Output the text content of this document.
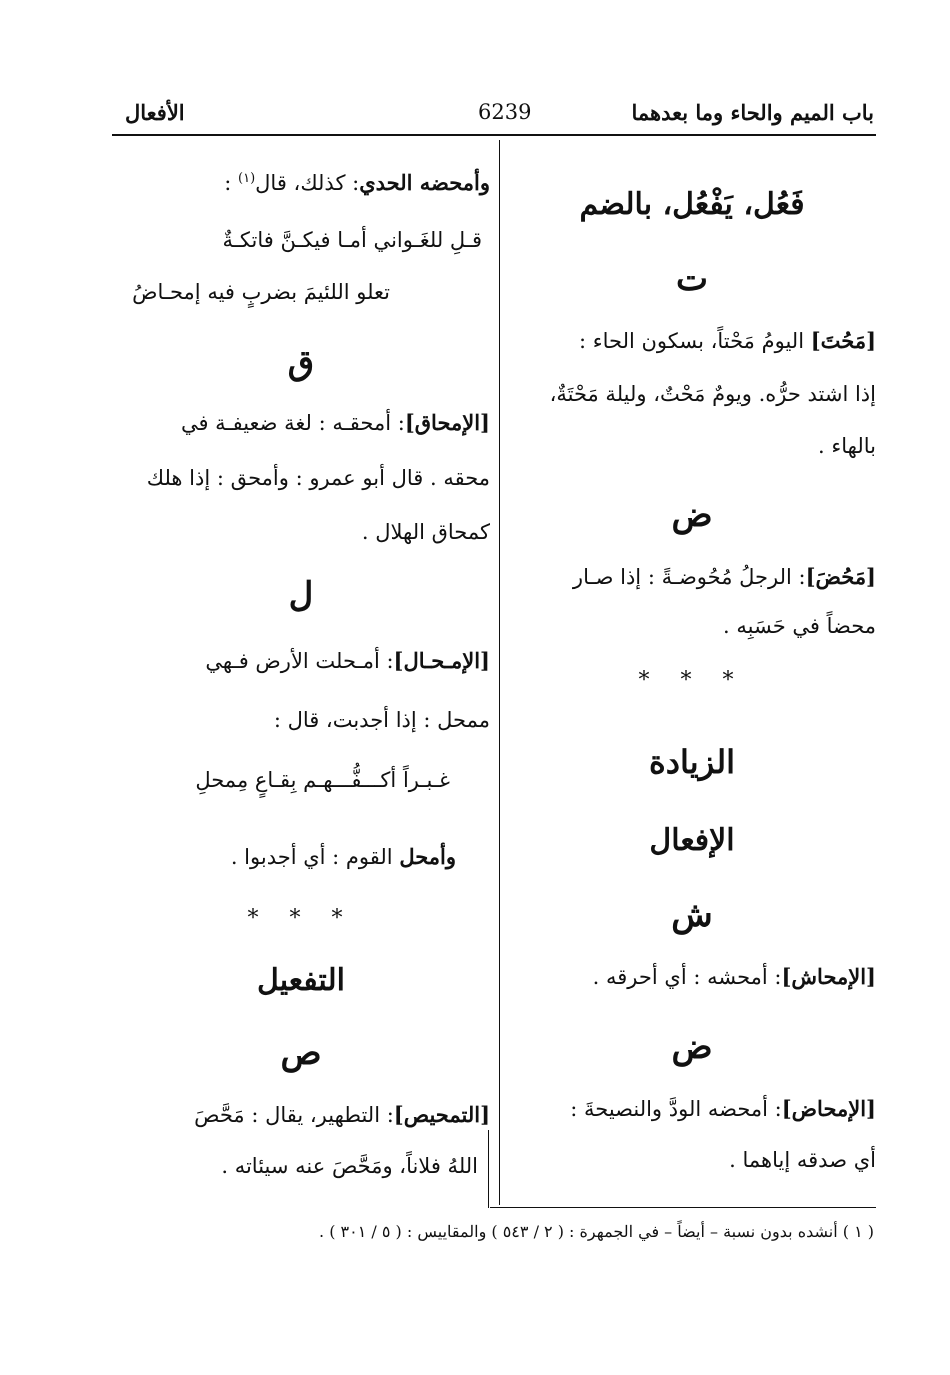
باب الميم والحاء وما بعدهما
6239
الأفعال
فَعُل، يَفْعُل، بالضم
ت
[مَحُتَ] اليومُ مَحْتاً، بسكون الحاء :
إذا اشتد حرُّه. ويومٌ مَحْتٌ، وليلة مَحْتَةٌ،
بالهاء .
ض
[مَحُضَ]: الرجلُ مُحُوضـةً : إذا صـار
محضاً في حَسَبِه .
* * *
الزيادة
الإفعال
ش
[الإمحاش]: أمحشه : أي أحرقه .
ض
[الإمحاض]: أمحضه الودَّ والنصيحةَ :
أي صدقه إياهما .
وأمحضه الحدي: كذلك، قال$^{(١)}$ :
قـلِ للغَـواني أمـا فيكـنَّ فاتكـةٌ
تعلو اللئيمَ بضربٍ فيه إمحـاضُ
ق
[الإمحاق]: أمحقـه : لغة ضعيفـة في
محقه . قال أبو عمرو : وأمحق : إذا هلك
كمحاق الهلال .
ل
[الإمـحـال]: أمـحلت الأرض فـهي
ممحل : إذا أجدبت، قال :
غـبـراً أكـــفُّـــهـم بِقـاعٍ مِمحلِ
وأمحل القوم : أي أجدبوا .
* * *
التفعيل
ص
[التمحيص]: التطهير، يقال : مَحَّصَ
اللهُ فلاناً، ومَحَّصَ عنه سيئاته .
( ١ ) أنشده بدون نسبة – أيضاً – في الجمهرة : ( ٢ / ٥٤٣ ) والمقاييس : ( ٥ / ٣٠١ ) .
